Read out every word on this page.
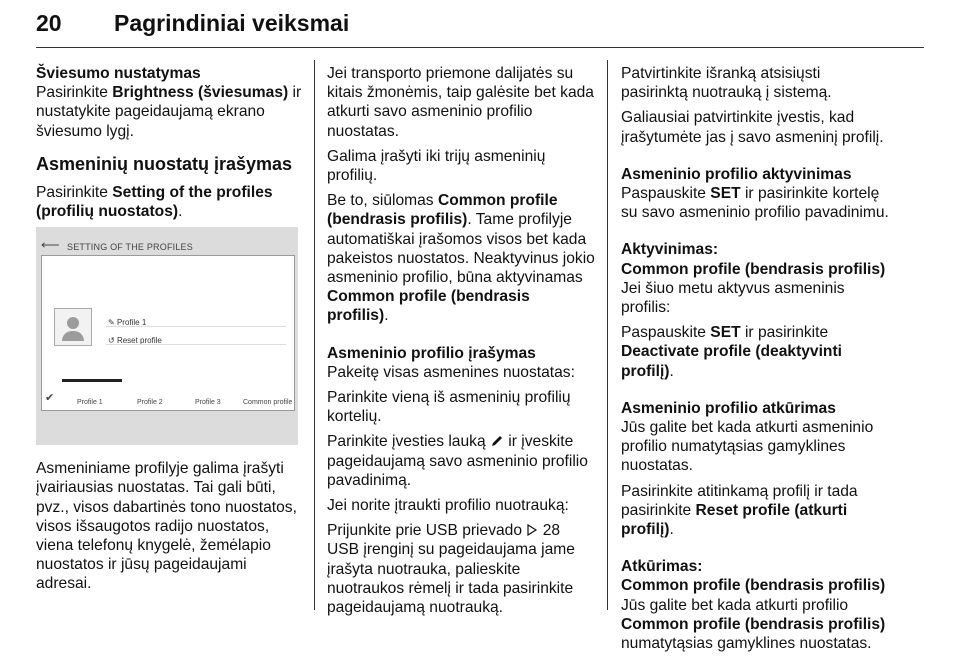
20 Pagrindiniai veiksmai

Šviesumo nustatymas

Pasirinkite Brightness (šviesumas) ir nustatykite pageidaujamą ekrano šviesumo lygį.

Asmeninių nuostatų įrašymas

Pasirinkite Setting of the profiles (profilių nuostatos).

⟵ SETTING OF THE PROFILES
✎ Profile 1
↺ Reset profile
✔	Profile 1	Profile 2	Profile 3	Common profile

Asmeniniame profilyje galima įrašyti įvairiausias nuostatas. Tai gali būti, pvz., visos dabartinės tono nuostatos, visos išsaugotos radijo nuostatos, viena telefonų knygelė, žemėlapio nuostatos ir jūsų pageidaujami adresai.

Jei transporto priemone dalijatės su kitais žmonėmis, taip galėsite bet kada atkurti savo asmeninio profilio nuostatas.

Galima įrašyti iki trijų asmeninių profilių.

Be to, siūlomas Common profile (bendrasis profilis). Tame profilyje automatiškai įrašomos visos bet kada pakeistos nuostatos. Neaktyvinus jokio asmeninio profilio, būna aktyvinamas Common profile (bendrasis profilis).

Asmeninio profilio įrašymas

Pakeitę visas asmenines nuostatas:

Parinkite vieną iš asmeninių profilių kortelių.

Parinkite įvesties lauką  ir įveskite pageidaujamą savo asmeninio profilio pavadinimą.

Jei norite įtraukti profilio nuotrauką:

Prijunkite prie USB prievado  28 USB įrenginį su pageidaujama jame įrašyta nuotrauka, palieskite nuotraukos rėmelį ir tada pasirinkite pageidaujamą nuotrauką.

Patvirtinkite išranką atsisiųsti pasirinktą nuotrauką į sistemą.

Galiausiai patvirtinkite įvestis, kad įrašytumėte jas į savo asmeninį profilį.

Asmeninio profilio aktyvinimas

Paspauskite SET ir pasirinkite kortelę su savo asmeninio profilio pavadinimu.

Aktyvinimas:

Common profile (bendrasis profilis)

Jei šiuo metu aktyvus asmeninis profilis:

Paspauskite SET ir pasirinkite Deactivate profile (deaktyvinti profilį).

Asmeninio profilio atkūrimas

Jūs galite bet kada atkurti asmeninio profilio numatytąsias gamyklines nuostatas.

Pasirinkite atitinkamą profilį ir tada pasirinkite Reset profile (atkurti profilį).

Atkūrimas:

Common profile (bendrasis profilis)

Jūs galite bet kada atkurti profilio Common profile (bendrasis profilis) numatytąsias gamyklines nuostatas.
